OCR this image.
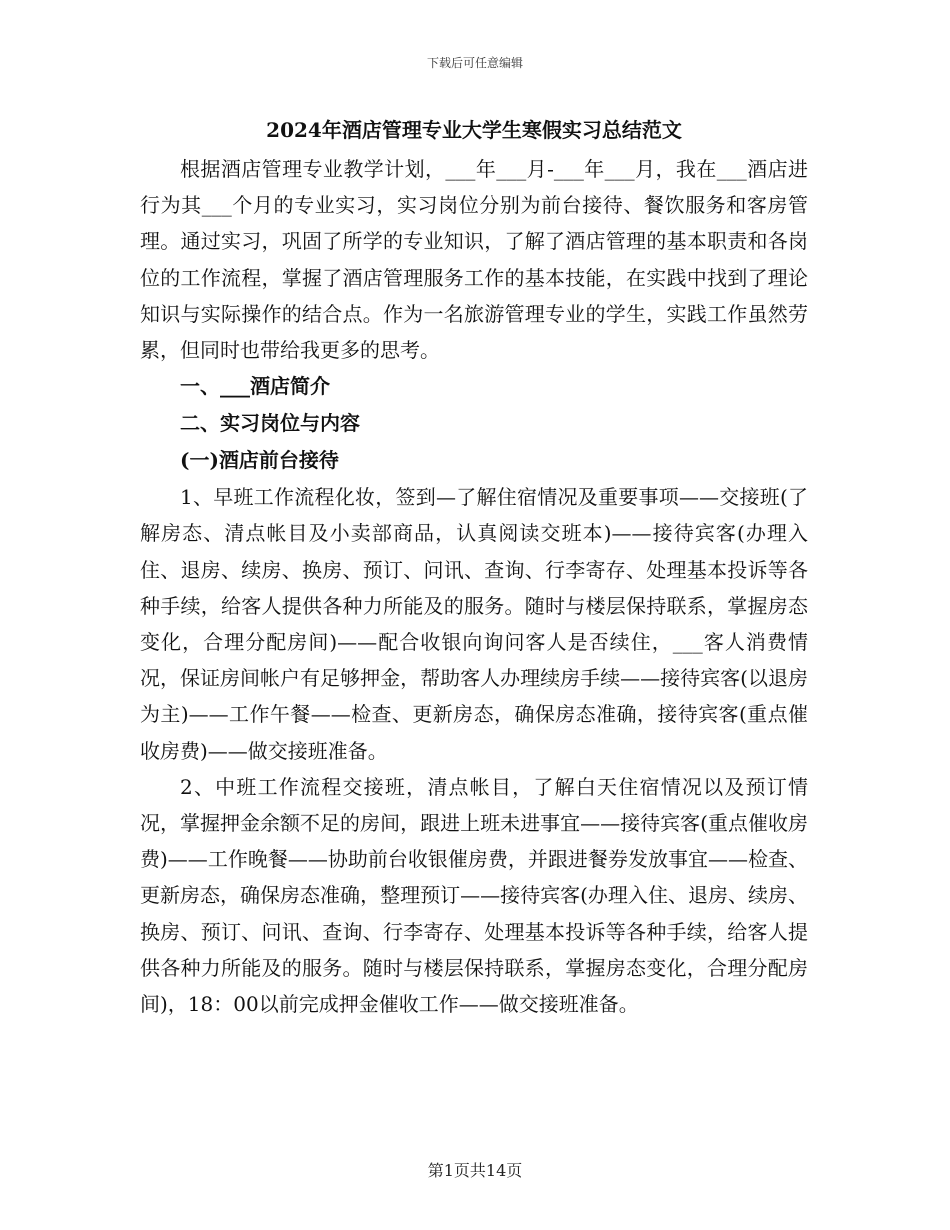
下载后可任意编辑

2024年酒店管理专业大学生寒假实习总结范文

根据酒店管理专业教学计划，___年___月-___年___月，我在___酒店进行为其___个月的专业实习，实习岗位分别为前台接待、餐饮服务和客房管理。通过实习，巩固了所学的专业知识，了解了酒店管理的基本职责和各岗位的工作流程，掌握了酒店管理服务工作的基本技能，在实践中找到了理论知识与实际操作的结合点。作为一名旅游管理专业的学生，实践工作虽然劳累，但同时也带给我更多的思考。

一、___酒店简介

二、实习岗位与内容

(一)酒店前台接待

1、早班工作流程化妆，签到—了解住宿情况及重要事项——交接班(了解房态、清点帐目及小卖部商品，认真阅读交班本)——接待宾客(办理入住、退房、续房、换房、预订、问讯、查询、行李寄存、处理基本投诉等各种手续，给客人提供各种力所能及的服务。随时与楼层保持联系，掌握房态变化，合理分配房间)——配合收银向询问客人是否续住，___客人消费情况，保证房间帐户有足够押金，帮助客人办理续房手续——接待宾客(以退房为主)——工作午餐——检查、更新房态，确保房态准确，接待宾客(重点催收房费)——做交接班准备。

2、中班工作流程交接班，清点帐目，了解白天住宿情况以及预订情况，掌握押金余额不足的房间，跟进上班未进事宜——接待宾客(重点催收房费)——工作晚餐——协助前台收银催房费，并跟进餐券发放事宜——检查、更新房态，确保房态准确，整理预订——接待宾客(办理入住、退房、续房、换房、预订、问讯、查询、行李寄存、处理基本投诉等各种手续，给客人提供各种力所能及的服务。随时与楼层保持联系，掌握房态变化，合理分配房间)，18：00以前完成押金催收工作——做交接班准备。

第1页共14页
